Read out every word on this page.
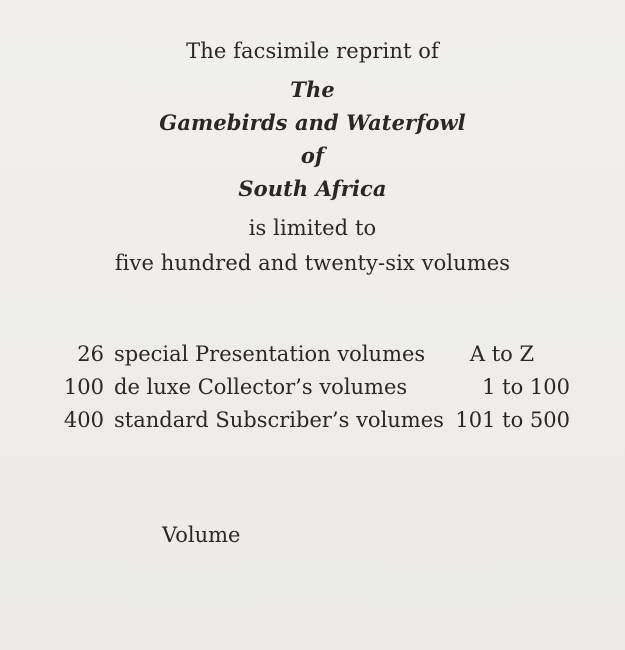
The facsimile reprint of
The
Gamebirds and Waterfowl
of
South Africa
is limited to
five hundred and twenty-six volumes
26 special Presentation volumes A to Z
100 de luxe Collector’s volumes	1 to 100
400 standard Subscriber’s volumes 101 to 500
Volume
